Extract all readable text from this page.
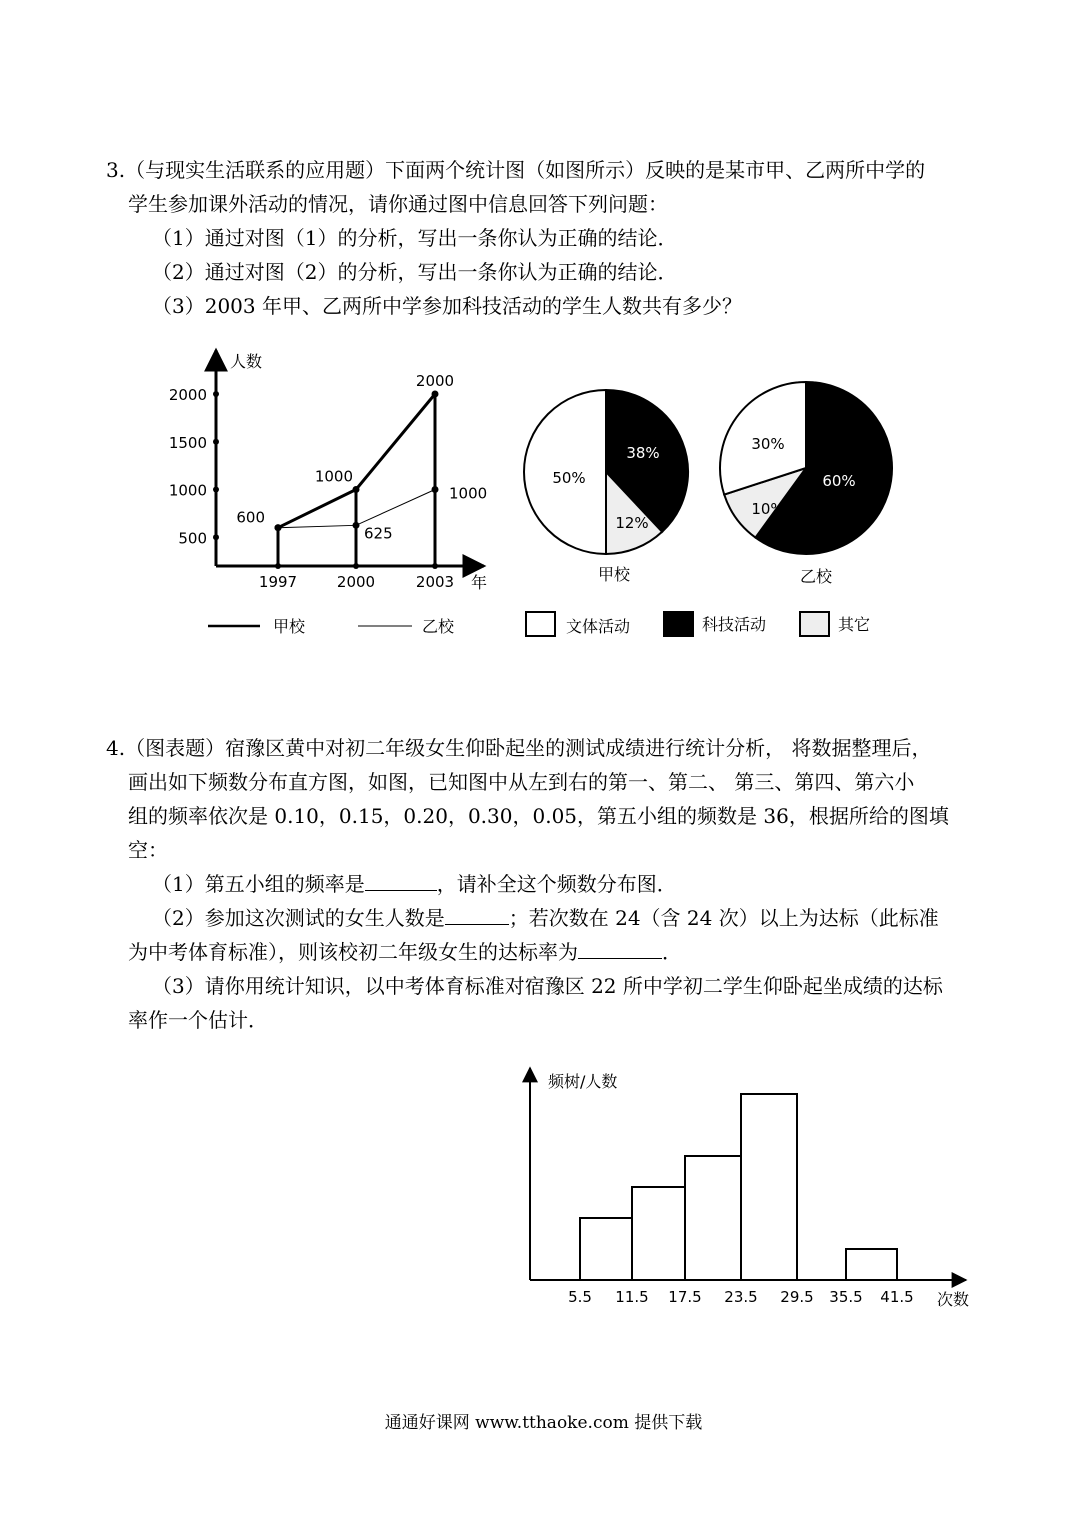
3.（与现实生活联系的应用题）下面两个统计图（如图所示）反映的是某市甲、乙两所中学的
学生参加课外活动的情况，请你通过图中信息回答下列问题：
（1）通过对图（1）的分析，写出一条你认为正确的结论．
（2）通过对图（2）的分析，写出一条你认为正确的结论．
（3）2003 年甲、乙两所中学参加科技活动的学生人数共有多少？
人数
年
500
1000
1500
2000
1997	2000	2003
600
1000
2000
625
1000
38%
12%
50%
甲校
60%
10%
30%
乙校
甲校	乙校	文体活动	科技活动	其它
频树/人数
次数
5.5 11.5 17.5 23.5 29.5 35.5 41.5
4.（图表题）宿豫区黄中对初二年级女生仰卧起坐的测试成绩进行统计分析， 将数据整理后，
画出如下频数分布直方图，如图，已知图中从左到右的第一、第二、 第三、第四、第六小
组的频率依次是 0.10，0.15，0.20，0.30，0.05，第五小组的频数是 36，根据所给的图填
空：
（1）第五小组的频率是	，请补全这个频数分布图．
（2）参加这次测试的女生人数是	；若次数在 24（含 24 次）以上为达标（此标准
为中考体育标准），则该校初二年级女生的达标率为	．
（3）请你用统计知识，以中考体育标准对宿豫区 22 所中学初二学生仰卧起坐成绩的达标
率作一个估计．
通通好课网 www.tthaoke.com 提供下载
